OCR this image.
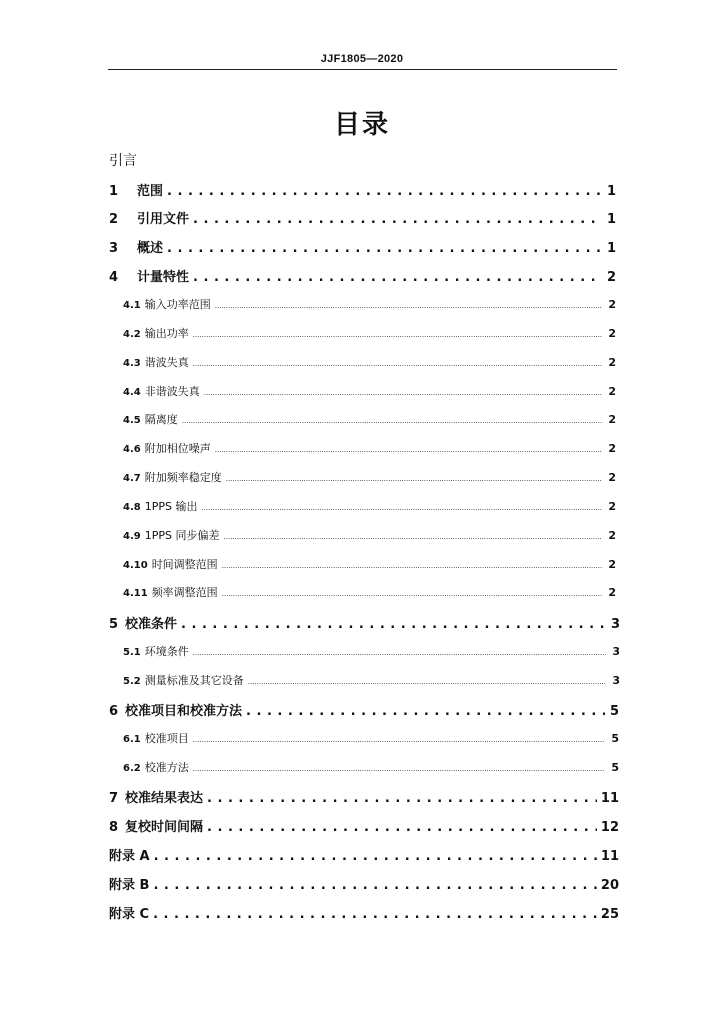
JJF1805—2020
目录
引言
1	范围 . . .	1
2	引用文件 . . .	1
3	概述 . . .	1
4	计量特性 . . .	2
4.1 输入功率范围 .....	2
4.2 输出功率 .....	2
4.3 谐波失真 .....	2
4.4 非谐波失真 .....	2
4.5 隔离度 .....	2
4.6 附加相位噪声 .....	2
4.7 附加频率稳定度 .....	2
4.8 1PPS 输出 .....	2
4.9 1PPS 同步偏差 .....	2
4.10 时间调整范围 .....	2
4.11 频率调整范围 .....	2
5 校准条件 . . .	3
5.1 环境条件 .....	3
5.2 测量标准及其它设备 .....	3
6 校准项目和校准方法 . . .	5
6.1 校准项目 .....	5
6.2 校准方法 .....	5
7 校准结果表达 . . .	11
8 复校时间间隔 . . .	12
附录 A . . .	11
附录 B . . .	20
附录 C . . .	25
